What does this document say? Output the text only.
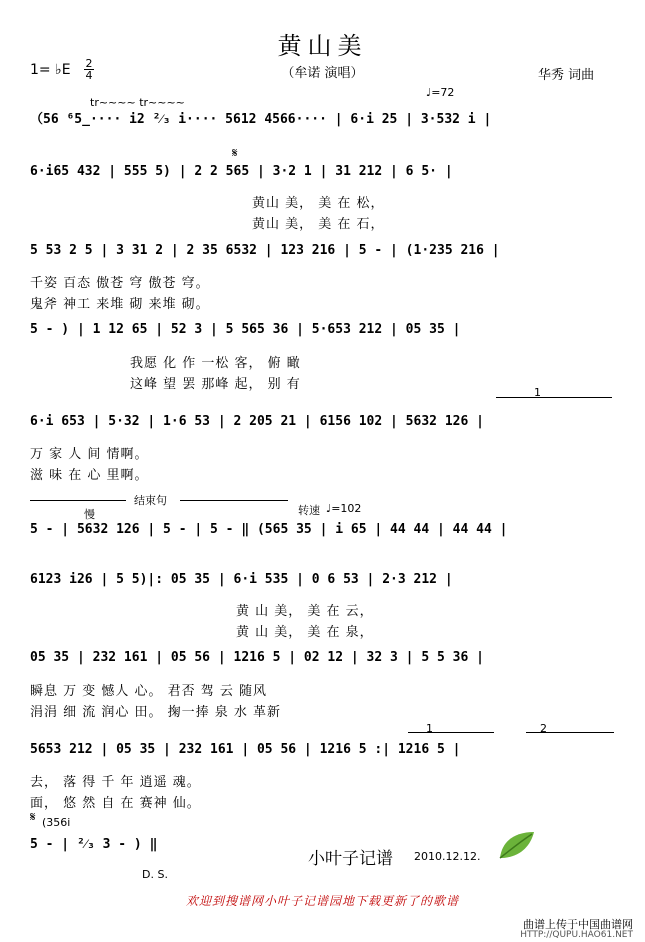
黄山美
（牟诺 演唱）
1= ♭E 2
4	华秀 词曲
♩=72
tr~~~~ tr~~~~
（56 ⁶5̲···· i2 ²⁄₃ i···· 5612 4566···· | 6·i 25 | 3·532 i |
𝄋
6·i65 432 | 555 5) | 2 2 565 | 3·2 1 | 31 212 | 6 5· |
黄山 美， 美 在 松，
黄山 美， 美 在 石，
5 53 2 5 | 3 31 2 | 2 35 6532 | 123 216 | 5 - | (1·235 216 |
千姿 百态 傲苍 穹 傲苍 穹。
鬼斧 神工 来堆 砌 来堆 砌。
5 - ) | 1 12 65 | 52 3 | 5 565 36 | 5·653 212 | 05 35 |
我愿 化 作 一松 客， 俯 瞰
这峰 望 罢 那峰 起， 别 有
1
6·i 653 | 5·32 | 1·6 53 | 2 205 21 | 6156 102 | 5632 126 |
万 家 人 间 情啊。
滋 味 在 心 里啊。
结束句
慢	转速 ♩=102
5 - | 5632 126 | 5 - | 5 - ‖ (565 35 | i 65 | 44 44 | 44 44 |
6123 i26 | 5 5)|: 05 35 | 6·i 535 | 0 6 53 | 2·3 212 |
黄 山 美， 美 在 云，
黄 山 美， 美 在 泉，
05 35 | 232 161 | 05 56 | 1216 5 | 02 12 | 32 3 | 5 5 36 |
瞬息 万 变 憾人 心。 君否 驾 云 随风
涓涓 细 流 润心 田。 掬一捧 泉 水 革新
1	2
5653 212 | 05 35 | 232 161 | 05 56 | 1216 5 :| 1216 5 |
去， 落 得 千 年 逍遥 魂。
面， 悠 然 自 在 赛神 仙。
𝄋 (356i
5 - | ²⁄₃ 3 - ) ‖
D. S.
小叶子记谱 2010.12.12.
欢迎到搜谱网小叶子记谱园地下载更新了的歌谱
曲谱上传于中国曲谱网
HTTP://QUPU.HAO61.NET
